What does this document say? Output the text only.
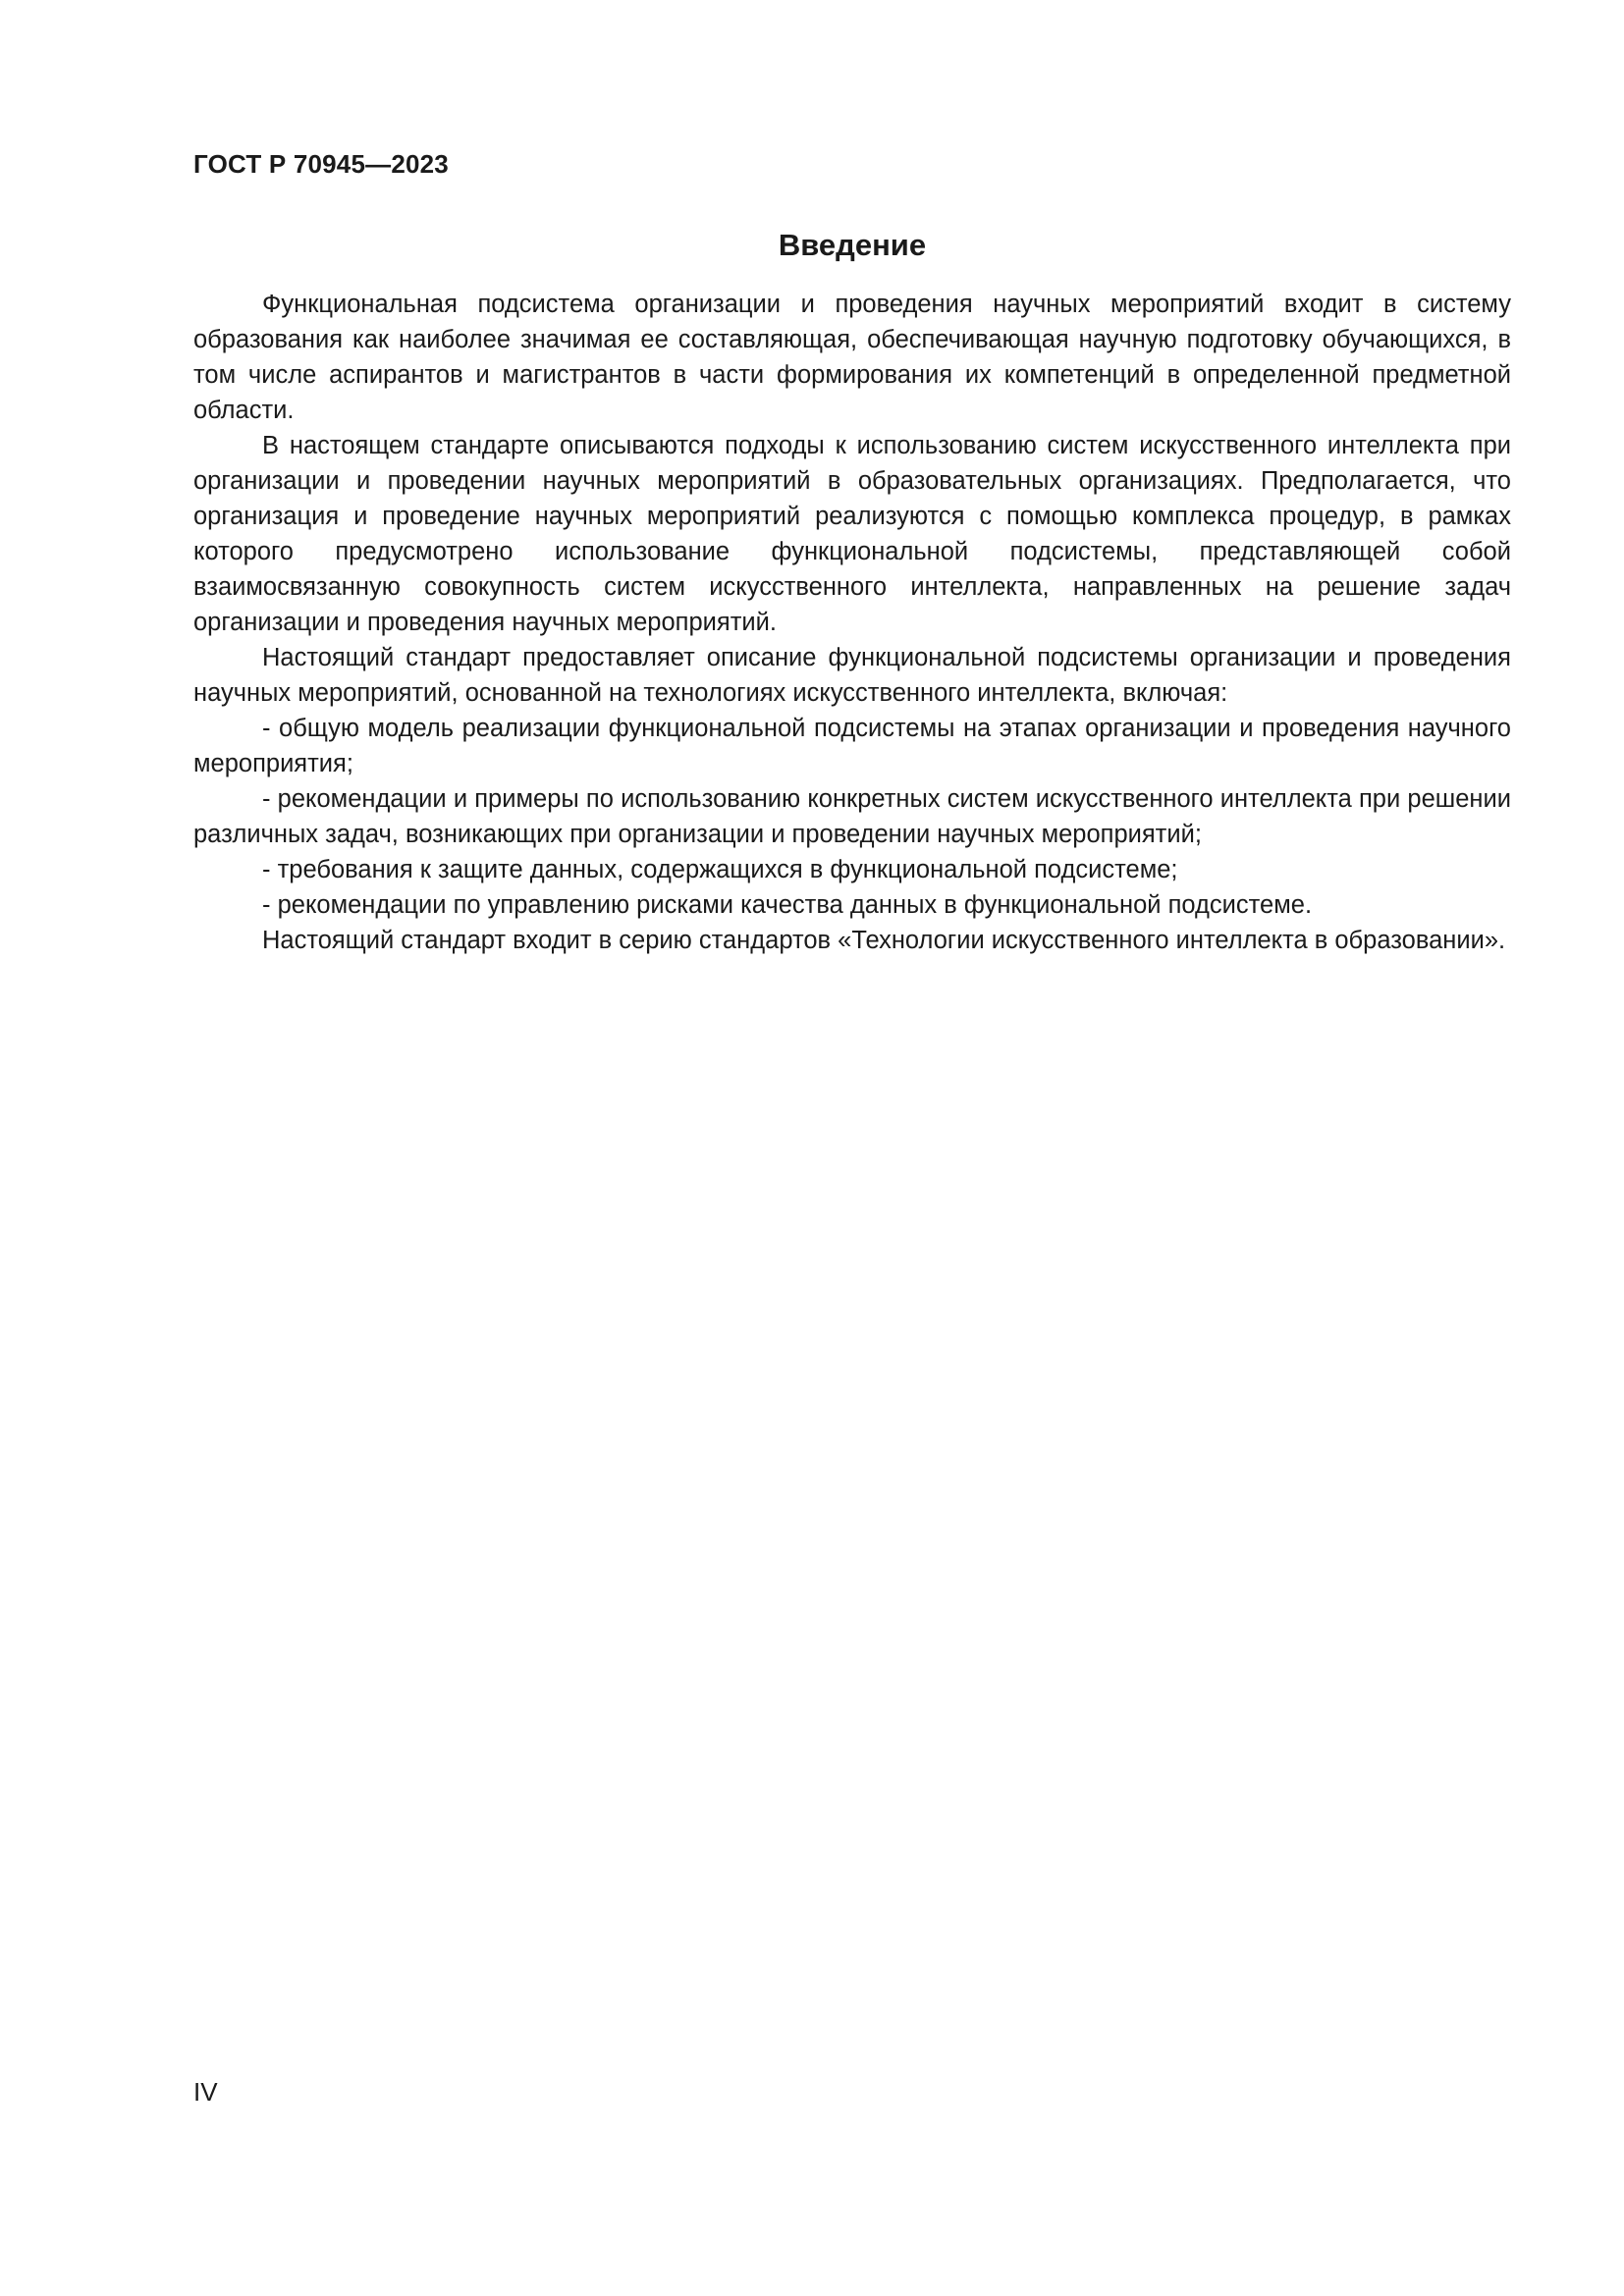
ГОСТ Р 70945—2023
Введение

Функциональная подсистема организации и проведения научных мероприятий входит в систему образования как наиболее значимая ее составляющая, обеспечивающая научную подготовку обучающихся, в том числе аспирантов и магистрантов в части формирования их компетенций в определенной предметной области.

В настоящем стандарте описываются подходы к использованию систем искусственного интеллекта при организации и проведении научных мероприятий в образовательных организациях. Предполагается, что организация и проведение научных мероприятий реализуются с помощью комплекса процедур, в рамках которого предусмотрено использование функциональной подсистемы, представляющей собой взаимосвязанную совокупность систем искусственного интеллекта, направленных на решение задач организации и проведения научных мероприятий.

Настоящий стандарт предоставляет описание функциональной подсистемы организации и проведения научных мероприятий, основанной на технологиях искусственного интеллекта, включая:

- общую модель реализации функциональной подсистемы на этапах организации и проведения научного мероприятия;

- рекомендации и примеры по использованию конкретных систем искусственного интеллекта при решении различных задач, возникающих при организации и проведении научных мероприятий;

- требования к защите данных, содержащихся в функциональной подсистеме;

- рекомендации по управлению рисками качества данных в функциональной подсистеме.

Настоящий стандарт входит в серию стандартов «Технологии искусственного интеллекта в образовании».

IV
